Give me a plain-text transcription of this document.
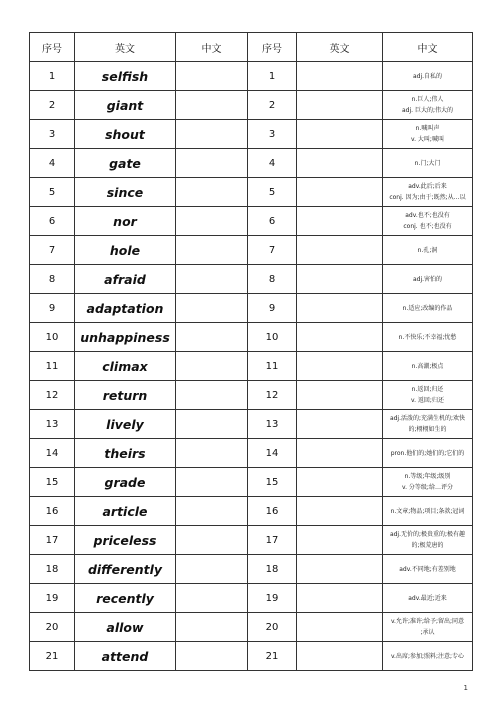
序号	英文	中文	序号	英文	中文
1	selfish		1		adj.自私的

2	giant		2		n.巨人;伟人
adj. 巨大的;伟大的

3	shout		3		n.喊叫声
v. 大叫;喊叫

4	gate		4		n.门;大门

5	since		5		adv.此后;后来
conj. 因为;由于;既然;从…以

6	nor		6		adv.也不;也没有
conj. 也不;也没有

7	hole		7		n.孔;洞

8	afraid		8		adj.害怕的

9	adaptation		9		n.适应;改编的作品

10	unhappiness		10		n.不快乐;不幸福;忧愁

11	climax		11		n.高潮;极点

12	return		12		n.返回;归还
v. 返回;归还

13	lively		13		adj.活泼的;充满生机的;欢快
的;栩栩如生的

14	theirs		14		pron.他们的;她们的;它们的

15	grade		15		n.等级;年级;级别
v. 分等级;给…评分

16	article		16		n.文章;物品;项目;条款;冠词

17	priceless		17		adj.无价的;极贵重的;极有趣
的;极荒唐的

18	differently		18		adv.不同地;有差别地

19	recently		19		adv.最近;近来

20	allow		20		v.允许;准许;给予;留出;同意
;承认

21	attend		21		v.出席;参加;照料;注意;专心
1
